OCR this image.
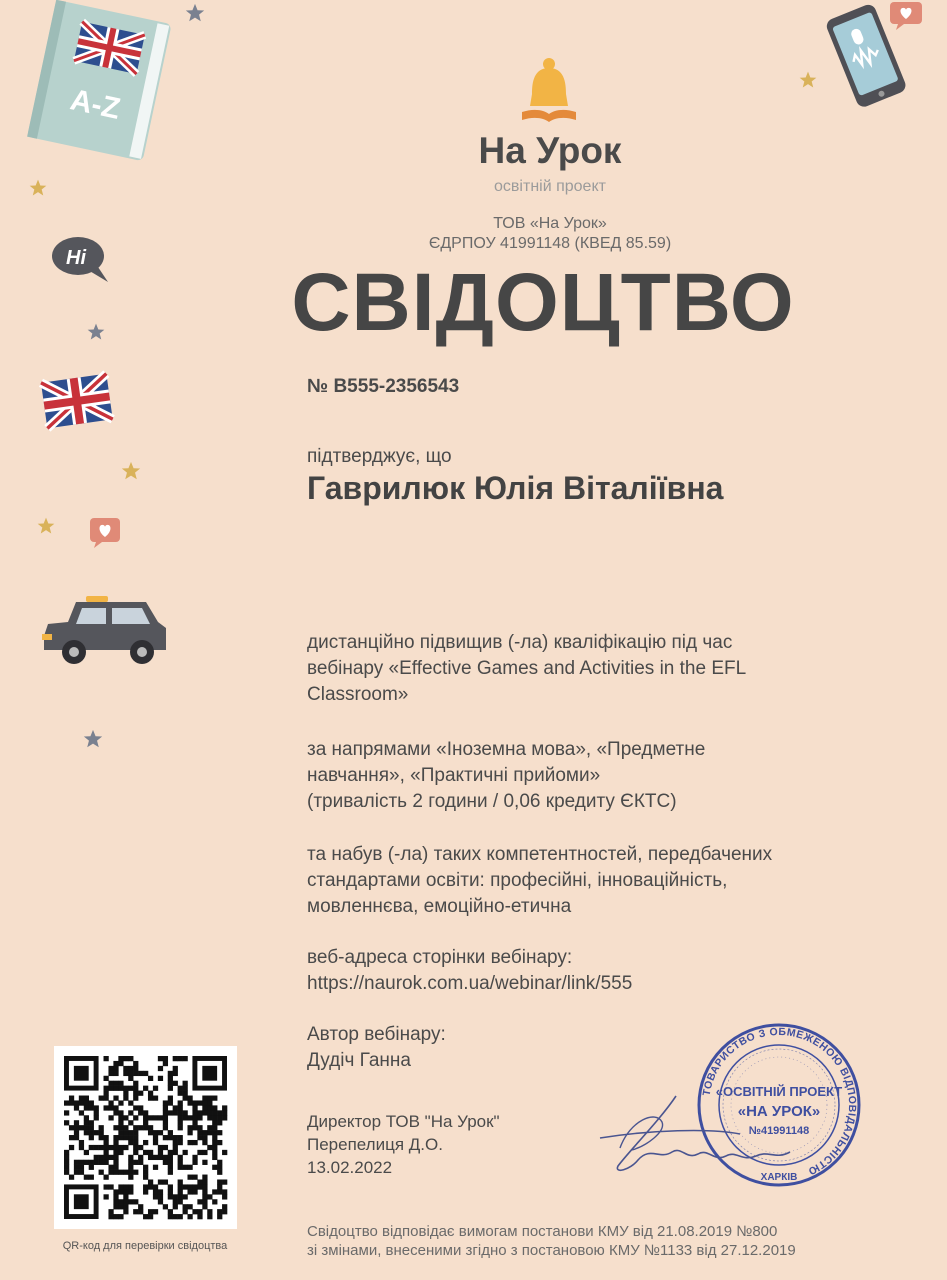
A-Z
Hi
На Урок
освітній проект
ТОВ «На Урок»
ЄДРПОУ 41991148 (КВЕД 85.59)
СВІДОЦТВО
№ В555-2356543
підтверджує, що
Гаврилюк Юлія Віталіївна
дистанційно підвищив (-ла) кваліфікацію під час
вебінару «Effective Games and Activities in the EFL
Classroom»
за напрямами «Іноземна мова», «Предметне
навчання», «Практичні прийоми»
(тривалість 2 години / 0,06 кредиту ЄКТС)
та набув (-ла) таких компетентностей, передбачених
стандартами освіти: професійні, інноваційність,
мовленнєва, емоційно-етична
веб-адреса сторінки вебінару:
https://naurok.com.ua/webinar/link/555
Автор вебінару:
Дудіч Ганна
Директор ТОВ "На Урок"
Перепелиця Д.О.
13.02.2022
ТОВАРИСТВО З ОБМЕЖЕНОЮ ВІДПОВІДАЛЬНІСТЮ
ХАРКІВ
«ОСВІТНІЙ ПРОЕКТ
«НА УРОК»
№41991148
QR-код для перевірки свідоцтва
Свідоцтво відповідає вимогам постанови КМУ від 21.08.2019 №800
зі змінами, внесеними згідно з постановою КМУ №1133 від 27.12.2019
